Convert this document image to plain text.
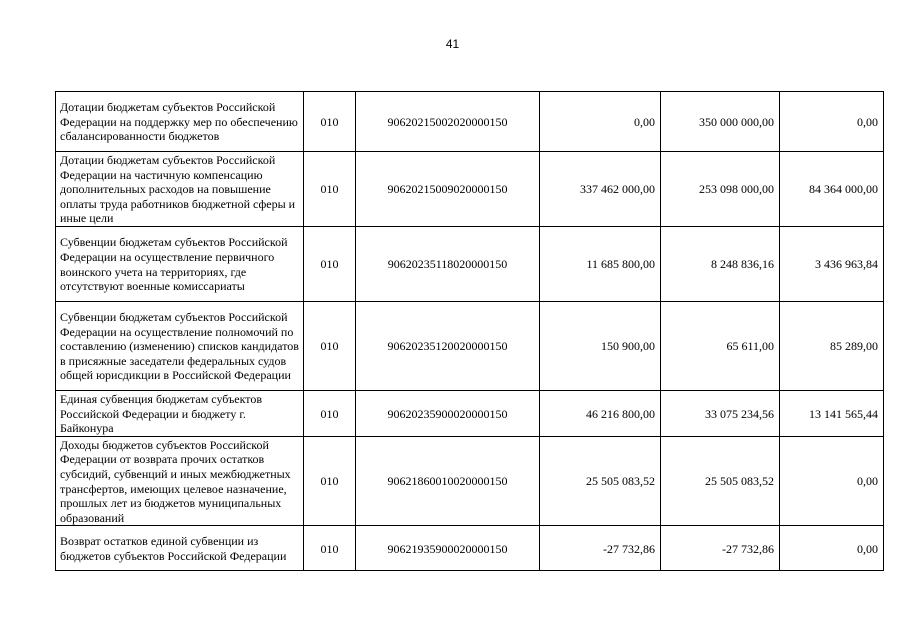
41
Дотации бюджетам субъектов Российской Федерации на поддержку мер по обеспечению сбалансированности бюджетов	010	90620215002020000150	0,00	350 000 000,00	0,00
Дотации бюджетам субъектов Российской Федерации на частичную компенсацию дополнительных расходов на повышение оплаты труда работников бюджетной сферы и иные цели	010	90620215009020000150	337 462 000,00	253 098 000,00	84 364 000,00
Субвенции бюджетам субъектов Российской Федерации на осуществление первичного воинского учета на территориях, где отсутствуют военные комиссариаты	010	90620235118020000150	11 685 800,00	8 248 836,16	3 436 963,84
Субвенции бюджетам субъектов Российской Федерации на осуществление полномочий по составлению (изменению) списков кандидатов в присяжные заседатели федеральных судов общей юрисдикции в Российской Федерации	010	90620235120020000150	150 900,00	65 611,00	85 289,00
Единая субвенция бюджетам субъектов Российской Федерации и бюджету г. Байконура	010	90620235900020000150	46 216 800,00	33 075 234,56	13 141 565,44
Доходы бюджетов субъектов Российской Федерации от возврата прочих остатков субсидий, субвенций и иных межбюджетных трансфертов, имеющих целевое назначение, прошлых лет из бюджетов муниципальных образований	010	90621860010020000150	25 505 083,52	25 505 083,52	0,00
Возврат остатков единой субвенции из бюджетов субъектов Российской Федерации	010	90621935900020000150	-27 732,86	-27 732,86	0,00
